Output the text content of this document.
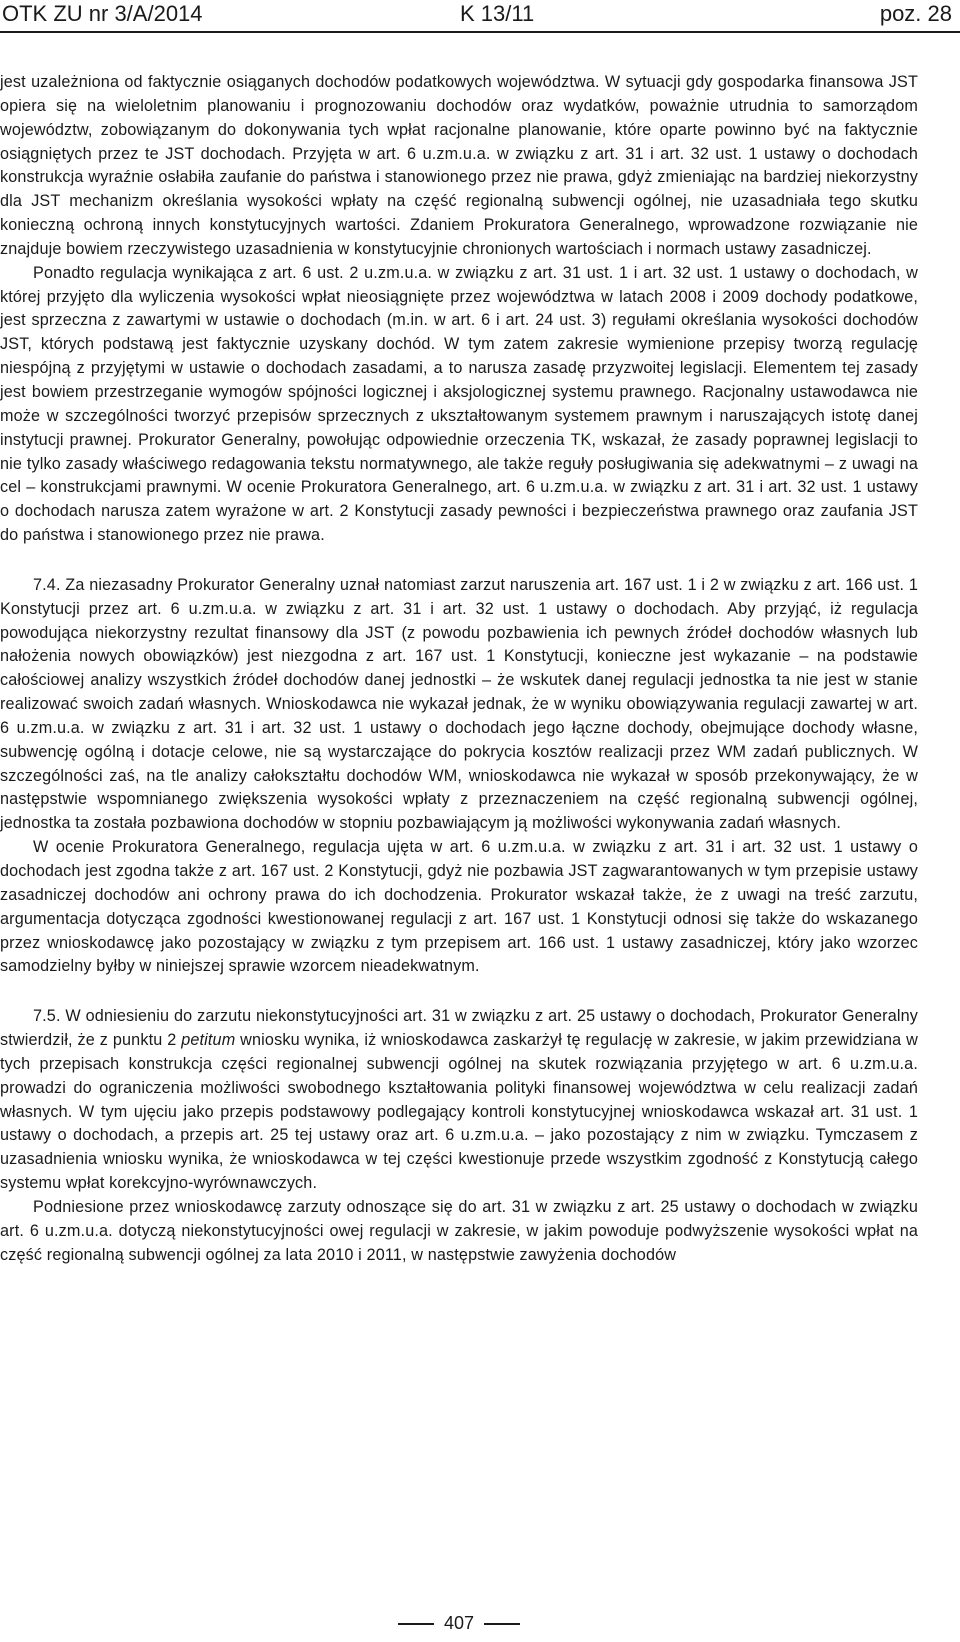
OTK ZU nr 3/A/2014	K 13/11	poz. 28

jest uzależniona od faktycznie osiąganych dochodów podatkowych województwa. W sytuacji gdy gospodarka finansowa JST opiera się na wieloletnim planowaniu i prognozowaniu dochodów oraz wydatków, poważnie utrudnia to samorządom województw, zobowiązanym do dokonywania tych wpłat racjonalne planowanie, które oparte powinno być na faktycznie osiągniętych przez te JST dochodach. Przyjęta w art. 6 u.zm.u.a. w związku z art. 31 i art. 32 ust. 1 ustawy o dochodach konstrukcja wyraźnie osłabiła zaufanie do państwa i stanowionego przez nie prawa, gdyż zmieniając na bardziej niekorzystny dla JST mechanizm określania wysokości wpłaty na część regionalną subwencji ogólnej, nie uzasadniała tego skutku konieczną ochroną innych konstytucyjnych wartości. Zdaniem Prokuratora Generalnego, wprowadzone rozwiązanie nie znajduje bowiem rzeczywistego uzasadnienia w konstytucyjnie chronionych wartościach i normach ustawy zasadniczej.

Ponadto regulacja wynikająca z art. 6 ust. 2 u.zm.u.a. w związku z art. 31 ust. 1 i art. 32 ust. 1 ustawy o dochodach, w której przyjęto dla wyliczenia wysokości wpłat nieosiągnięte przez województwa w latach 2008 i 2009 dochody podatkowe, jest sprzeczna z zawartymi w ustawie o dochodach (m.in. w art. 6 i art. 24 ust. 3) regułami określania wysokości dochodów JST, których podstawą jest faktycznie uzyskany dochód. W tym zatem zakresie wymienione przepisy tworzą regulację niespójną z przyjętymi w ustawie o dochodach zasadami, a to narusza zasadę przyzwoitej legislacji. Elementem tej zasady jest bowiem przestrzeganie wymogów spójności logicznej i aksjologicznej systemu prawnego. Racjonalny ustawodawca nie może w szczególności tworzyć przepisów sprzecznych z ukształtowanym systemem prawnym i naruszających istotę danej instytucji prawnej. Prokurator Generalny, powołując odpowiednie orzeczenia TK, wskazał, że zasady poprawnej legislacji to nie tylko zasady właściwego redagowania tekstu normatywnego, ale także reguły posługiwania się adekwatnymi – z uwagi na cel – konstrukcjami prawnymi. W ocenie Prokuratora Generalnego, art. 6 u.zm.u.a. w związku z art. 31 i art. 32 ust. 1 ustawy o dochodach narusza zatem wyrażone w art. 2 Konstytucji zasady pewności i bezpieczeństwa prawnego oraz zaufania JST do państwa i stanowionego przez nie prawa.

7.4. Za niezasadny Prokurator Generalny uznał natomiast zarzut naruszenia art. 167 ust. 1 i 2 w związku z art. 166 ust. 1 Konstytucji przez art. 6 u.zm.u.a. w związku z art. 31 i art. 32 ust. 1 ustawy o dochodach. Aby przyjąć, iż regulacja powodująca niekorzystny rezultat finansowy dla JST (z powodu pozbawienia ich pewnych źródeł dochodów własnych lub nałożenia nowych obowiązków) jest niezgodna z art. 167 ust. 1 Konstytucji, konieczne jest wykazanie – na podstawie całościowej analizy wszystkich źródeł dochodów danej jednostki – że wskutek danej regulacji jednostka ta nie jest w stanie realizować swoich zadań własnych. Wnioskodawca nie wykazał jednak, że w wyniku obowiązywania regulacji zawartej w art. 6 u.zm.u.a. w związku z art. 31 i art. 32 ust. 1 ustawy o dochodach jego łączne dochody, obejmujące dochody własne, subwencję ogólną i dotacje celowe, nie są wystarczające do pokrycia kosztów realizacji przez WM zadań publicznych. W szczególności zaś, na tle analizy całokształtu dochodów WM, wnioskodawca nie wykazał w sposób przekonywający, że w następstwie wspomnianego zwiększenia wysokości wpłaty z przeznaczeniem na część regionalną subwencji ogólnej, jednostka ta została pozbawiona dochodów w stopniu pozbawiającym ją możliwości wykonywania zadań własnych.

W ocenie Prokuratora Generalnego, regulacja ujęta w art. 6 u.zm.u.a. w związku z art. 31 i art. 32 ust. 1 ustawy o dochodach jest zgodna także z art. 167 ust. 2 Konstytucji, gdyż nie pozbawia JST zagwarantowanych w tym przepisie ustawy zasadniczej dochodów ani ochrony prawa do ich dochodzenia. Prokurator wskazał także, że z uwagi na treść zarzutu, argumentacja dotycząca zgodności kwestionowanej regulacji z art. 167 ust. 1 Konstytucji odnosi się także do wskazanego przez wnioskodawcę jako pozostający w związku z tym przepisem art. 166 ust. 1 ustawy zasadniczej, który jako wzorzec samodzielny byłby w niniejszej sprawie wzorcem nieadekwatnym.

7.5. W odniesieniu do zarzutu niekonstytucyjności art. 31 w związku z art. 25 ustawy o dochodach, Prokurator Generalny stwierdził, że z punktu 2 petitum wniosku wynika, iż wnioskodawca zaskarżył tę regulację w zakresie, w jakim przewidziana w tych przepisach konstrukcja części regionalnej subwencji ogólnej na skutek rozwiązania przyjętego w art. 6 u.zm.u.a. prowadzi do ograniczenia możliwości swobodnego kształtowania polityki finansowej województwa w celu realizacji zadań własnych. W tym ujęciu jako przepis podstawowy podlegający kontroli konstytucyjnej wnioskodawca wskazał art. 31 ust. 1 ustawy o dochodach, a przepis art. 25 tej ustawy oraz art. 6 u.zm.u.a. – jako pozostający z nim w związku. Tymczasem z uzasadnienia wniosku wynika, że wnioskodawca w tej części kwestionuje przede wszystkim zgodność z Konstytucją całego systemu wpłat korekcyjno-wyrównawczych.

Podniesione przez wnioskodawcę zarzuty odnoszące się do art. 31 w związku z art. 25 ustawy o dochodach w związku art. 6 u.zm.u.a. dotyczą niekonstytucyjności owej regulacji w zakresie, w jakim powoduje podwyższenie wysokości wpłat na część regionalną subwencji ogólnej za lata 2010 i 2011, w następstwie zawyżenia dochodów

407
